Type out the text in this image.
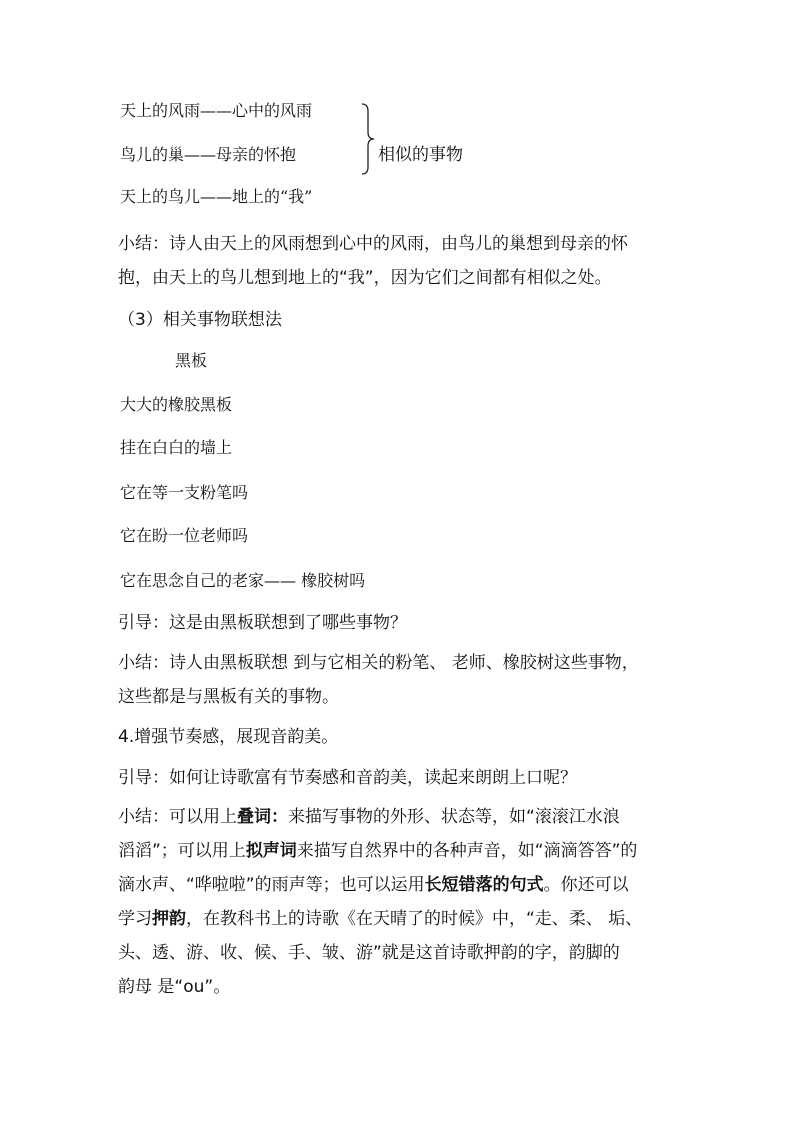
天上的风雨——心中的风雨
鸟儿的巢——母亲的怀抱
天上的鸟儿——地上的“我”
相似的事物
小结：诗人由天上的风雨想到心中的风雨，由鸟儿的巢想到母亲的怀
抱，由天上的鸟儿想到地上的“我”，因为它们之间都有相似之处。
（3）相关事物联想法
黑板
大大的橡胶黑板
挂在白白的墙上
它在等一支粉笔吗
它在盼一位老师吗
它在思念自己的老家—— 橡胶树吗
引导：这是由黑板联想到了哪些事物？
小结：诗人由黑板联想 到与它相关的粉笔、 老师、橡胶树这些事物，
这些都是与黑板有关的事物。
4.增强节奏感，展现音韵美。
引导：如何让诗歌富有节奏感和音韵美，读起来朗朗上口呢？
小结：可以用上叠词：来描写事物的外形、状态等，如“滚滚江水浪
滔滔”；可以用上拟声词来描写自然界中的各种声音，如“滴滴答答”的
滴水声、“哗啦啦”的雨声等；也可以运用长短错落的句式。你还可以
学习押韵，在教科书上的诗歌《在天晴了的时候》中，“走、柔、 垢、
头、透、游、收、候、手、皱、游”就是这首诗歌押韵的字，韵脚的
韵母 是“ou”。
